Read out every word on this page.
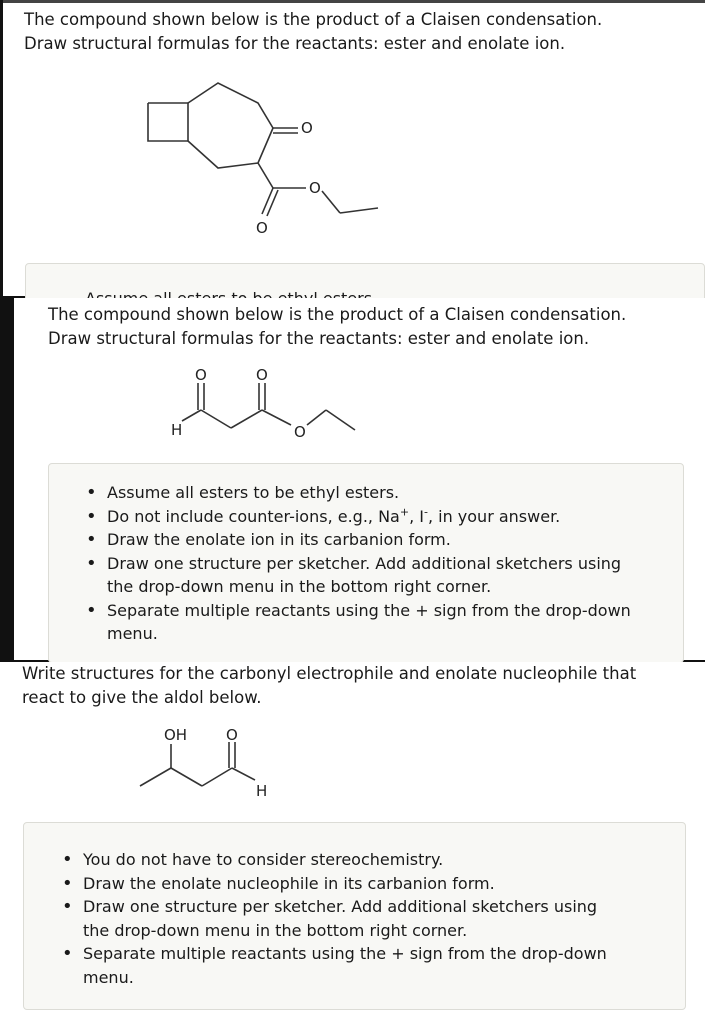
The compound shown below is the product of a Claisen condensation.
Draw structural formulas for the reactants: ester and enolate ion.

O
O
O

The compound shown below is the product of a Claisen condensation.
Draw structural formulas for the reactants: ester and enolate ion.

O	O
H	O
• Assume all esters to be ethyl esters.
• Do not include counter-ions, e.g., Na+, I-, in your answer.
• Draw the enolate ion in its carbanion form.
• Draw one structure per sketcher. Add additional sketchers using
the drop-down menu in the bottom right corner.
• Separate multiple reactants using the + sign from the drop-down
menu.

Write structures for the carbonyl electrophile and enolate nucleophile that
react to give the aldol below.

OH	O
H
• You do not have to consider stereochemistry.
• Draw the enolate nucleophile in its carbanion form.
• Draw one structure per sketcher. Add additional sketchers using
the drop-down menu in the bottom right corner.
• Separate multiple reactants using the + sign from the drop-down
menu.
